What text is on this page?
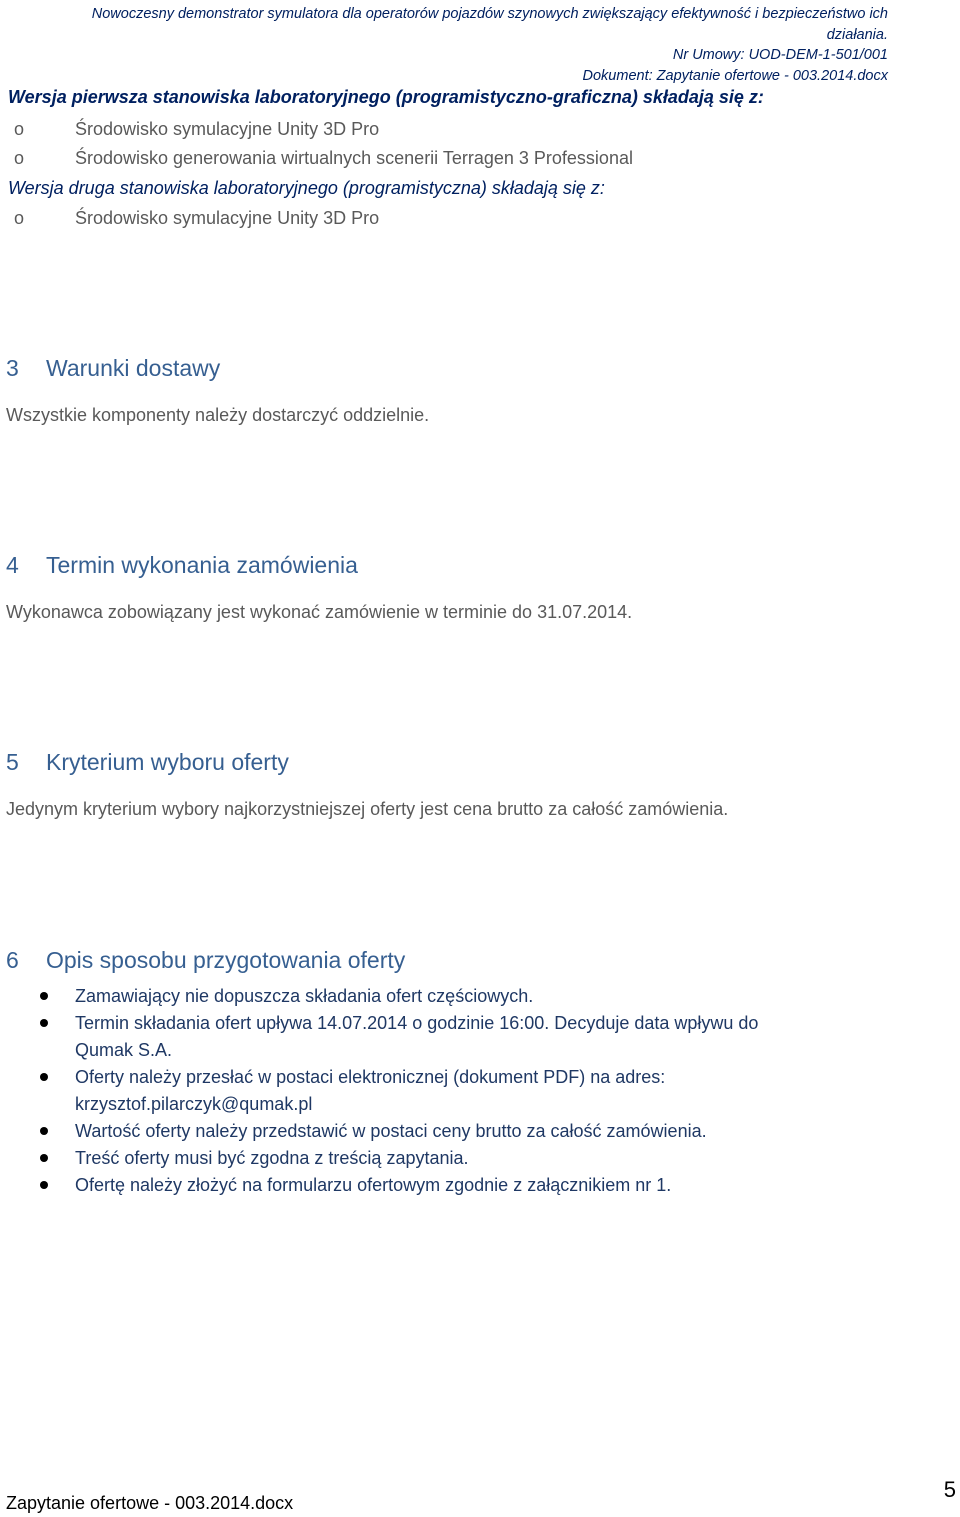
Nowoczesny demonstrator symulatora dla operatorów pojazdów szynowych zwiększający efektywność i bezpieczeństwo ich
działania.
Nr Umowy: UOD-DEM-1-501/001
Dokument: Zapytanie ofertowe - 003.2014.docx
Wersja pierwsza stanowiska laboratoryjnego (programistyczno-graficzna) składają się z:
o	Środowisko symulacyjne Unity 3D Pro
o	Środowisko generowania wirtualnych scenerii Terragen 3 Professional
Wersja druga stanowiska laboratoryjnego (programistyczna) składają się z:
o	Środowisko symulacyjne Unity 3D Pro
3 Warunki dostawy
Wszystkie komponenty należy dostarczyć oddzielnie.
4 Termin wykonania zamówienia
Wykonawca zobowiązany jest wykonać zamówienie w terminie do 31.07.2014.
5 Kryterium wyboru oferty
Jedynym kryterium wybory najkorzystniejszej oferty jest cena brutto za całość zamówienia.
6 Opis sposobu przygotowania oferty
Zamawiający nie dopuszcza składania ofert częściowych.
Termin składania ofert upływa 14.07.2014 o godzinie 16:00. Decyduje data wpływu do
Qumak S.A.
Oferty należy przesłać w postaci elektronicznej (dokument PDF) na adres:
krzysztof.pilarczyk@qumak.pl
Wartość oferty należy przedstawić w postaci ceny brutto za całość zamówienia.
Treść oferty musi być zgodna z treścią zapytania.
Ofertę należy złożyć na formularzu ofertowym zgodnie z załącznikiem nr 1.
Zapytanie ofertowe - 003.2014.docx
5
